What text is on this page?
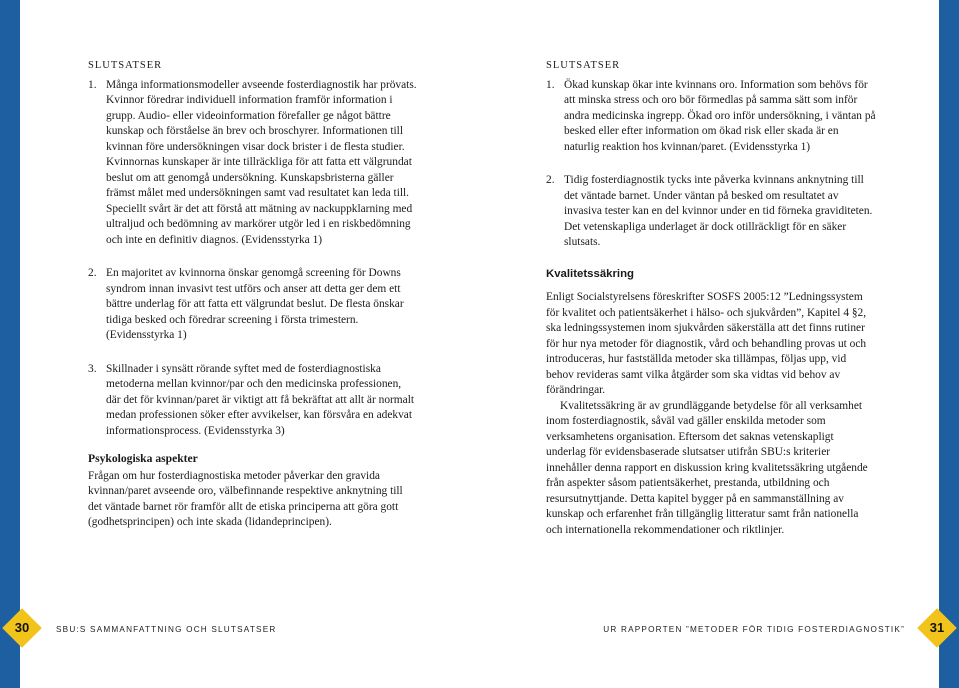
SLUTSATSER
1. Många informationsmodeller avseende fosterdiagnostik har prövats. Kvinnor föredrar individuell information framför information i grupp. Audio- eller videoinformation förefaller ge något bättre kunskap och förståelse än brev och broschyrer. Informationen till kvinnan före undersökningen visar dock brister i de flesta studier. Kvinnornas kunskaper är inte tillräckliga för att fatta ett välgrundat beslut om att genomgå undersökning. Kunskapsbristerna gäller främst målet med undersökningen samt vad resultatet kan leda till. Speciellt svårt är det att förstå att mätning av nackuppklarning med ultraljud och bedömning av markörer utgör led i en riskbedömning och inte en definitiv diagnos. (Evidensstyrka 1)
2. En majoritet av kvinnorna önskar genomgå screening för Downs syndrom innan invasivt test utförs och anser att detta ger dem ett bättre underlag för att fatta ett välgrundat beslut. De flesta önskar tidiga besked och föredrar screening i första trimestern. (Evidensstyrka 1)
3. Skillnader i synsätt rörande syftet med de fosterdiagnostiska metoderna mellan kvinnor/par och den medicinska professionen, där det för kvinnan/paret är viktigt att få bekräftat att allt är normalt medan professionen söker efter avvikelser, kan försvåra en adekvat informationsprocess. (Evidensstyrka 3)
Psykologiska aspekter

Frågan om hur fosterdiagnostiska metoder påverkar den gravida kvinnan/paret avseende oro, välbefinnande respektive anknytning till det väntade barnet rör framför allt de etiska principerna att göra gott (godhetsprincipen) och inte skada (lidandeprincipen).

SLUTSATSER
1. Ökad kunskap ökar inte kvinnans oro. Information som behövs för att minska stress och oro bör förmedlas på samma sätt som inför andra medicinska ingrepp. Ökad oro inför undersökning, i väntan på besked eller efter information om ökad risk eller skada är en naturlig reaktion hos kvinnan/paret. (Evidensstyrka 1)
2. Tidig fosterdiagnostik tycks inte påverka kvinnans anknytning till det väntade barnet. Under väntan på besked om resultatet av invasiva tester kan en del kvinnor under en tid förneka graviditeten. Det vetenskapliga underlaget är dock otillräckligt för en säker slutsats.
Kvalitetssäkring

Enligt Socialstyrelsens föreskrifter SOSFS 2005:12 ”Ledningssystem för kvalitet och patientsäkerhet i hälso- och sjukvården”, Kapitel 4 §2, ska ledningssystemen inom sjukvården säkerställa att det finns rutiner för hur nya metoder för diagnostik, vård och behandling provas ut och introduceras, hur fastställda metoder ska tillämpas, följas upp, vid behov revideras samt vilka åtgärder som ska vidtas vid behov av förändringar.

Kvalitetssäkring är av grundläggande betydelse för all verksamhet inom fosterdiagnostik, såväl vad gäller enskilda metoder som verksamhetens organisation. Eftersom det saknas vetenskapligt underlag för evidensbaserade slutsatser utifrån SBU:s kriterier innehåller denna rapport en diskussion kring kvalitetssäkring utgående från aspekter såsom patientsäkerhet, prestanda, utbildning och resursutnyttjande. Detta kapitel bygger på en sammanställning av kunskap och erfarenhet från tillgänglig litteratur samt från nationella och internationella rekommendationer och riktlinjer.

30	SBU:S SAMMANFATTNING OCH SLUTSATSER	31
UR RAPPORTEN ”METODER FÖR TIDIG FOSTERDIAGNOSTIK”
